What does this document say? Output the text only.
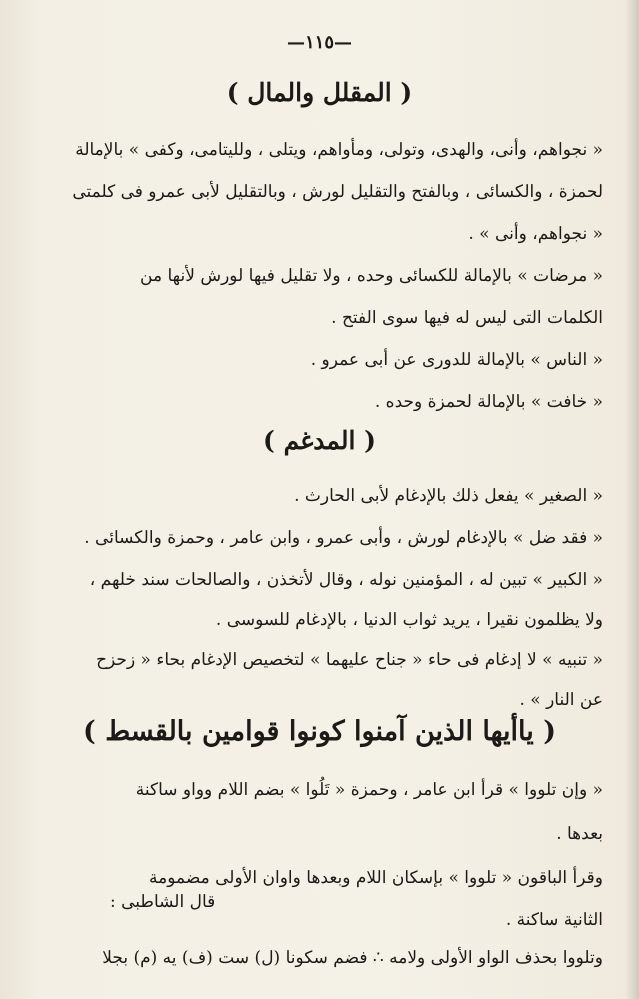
—١١٥—
( المقلل والمال )
« نجواهم، وأنى، والهدى، وتولى، ومأواهم، ويتلى ، ولليتامى، وكفى » بالإمالة
لحمزة ، والكسائى ، وبالفتح والتقليل لورش ، وبالتقليل لأبى عمرو فى كلمتى
« نجواهم، وأنى » .
« مرضات » بالإمالة للكسائى وحده ، ولا تقليل فيها لورش لأنها من
الكلمات التى ليس له فيها سوى الفتح .
« الناس » بالإمالة للدورى عن أبى عمرو .
« خافت » بالإمالة لحمزة وحده .
( المدغم )
« الصغير » يفعل ذلك بالإدغام لأبى الحارث .
« فقد ضل » بالإدغام لورش ، وأبى عمرو ، وابن عامر ، وحمزة والكسائى .
« الكبير » تبين له ، المؤمنين نوله ، وقال لأتخذن ، والصالحات سند خلهم ،
ولا يظلمون نقيرا ، يريد ثواب الدنيا ، بالإدغام للسوسى .
« تنبيه » لا إدغام فى حاء « جناح عليهما » لتخصيص الإدغام بحاء « زحزح
عن النار » .
( ياأيها الذين آمنوا كونوا قوامين بالقسط )
« وإن تلووا » قرأ ابن عامر ، وحمزة « تَلُوا » بضم اللام وواو ساكنة
بعدها .
وقرأ الباقون « تلووا » بإسكان اللام وبعدها واوان الأولى مضمومة
الثانية ساكنة .
قال الشاطبى :
وتلووا بحذف الواو الأولى ولامه ∴ فضم سكونا (ل) ست (ف) يه (م) بجلا
